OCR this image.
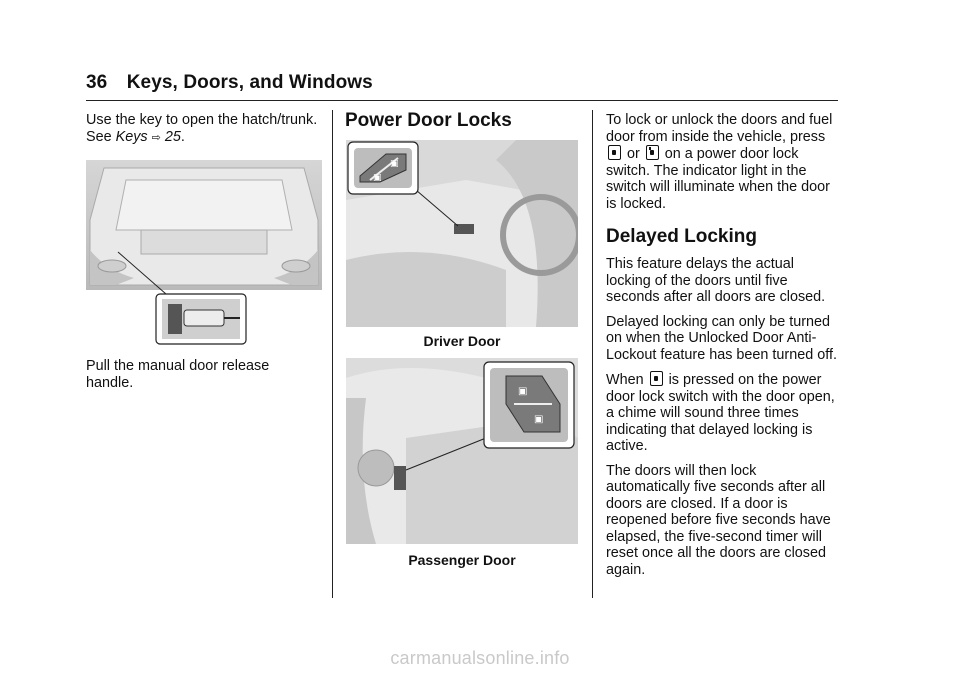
36 Keys, Doors, and Windows

Use the key to open the hatch/trunk.
See Keys ⇨ 25.

Pull the manual door release handle.

Power Door Locks
▣
▣
Driver Door
▣
▣
Passenger Door

To lock or unlock the doors and fuel door from inside the vehicle, press  or on a power door lock switch. The indicator light in the switch will illuminate when the door is locked.

Delayed Locking

This feature delays the actual locking of the doors until five seconds after all doors are closed.

Delayed locking can only be turned on when the Unlocked Door Anti-Lockout feature has been turned off.

When is pressed on the power door lock switch with the door open, a chime will sound three times indicating that delayed locking is active.

The doors will then lock automatically five seconds after all doors are closed. If a door is reopened before five seconds have elapsed, the five-second timer will reset once all the doors are closed again.

carmanualsonline.info
